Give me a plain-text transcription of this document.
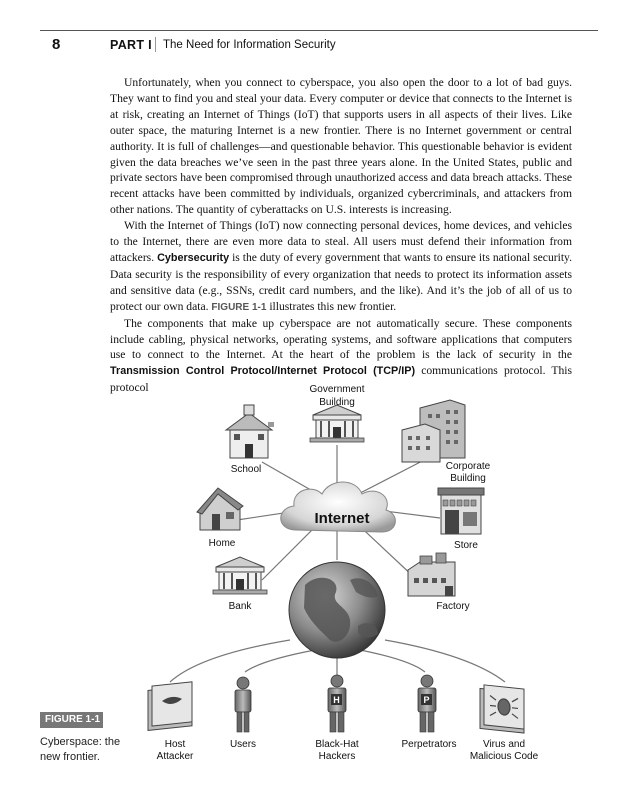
8	PART I The Need for Information Security

Unfortunately, when you connect to cyberspace, you also open the door to a lot of bad guys. They want to find you and steal your data. Every computer or device that connects to the Internet is at risk, creating an Internet of Things (IoT) that supports users in all aspects of their lives. Like outer space, the maturing Internet is a new frontier. There is no Internet government or central authority. It is full of challenges—and questionable behavior. This questionable behavior is evident given the data breaches we’ve seen in the past three years alone. In the United States, public and private sectors have been compromised through unauthorized access and data breach attacks. These recent attacks have been committed by individuals, organized cybercriminals, and attackers from other nations. The quantity of cyberattacks on U.S. interests is increasing.

With the Internet of Things (IoT) now connecting personal devices, home devices, and vehicles to the Internet, there are even more data to steal. All users must defend their information from attackers. Cybersecurity is the duty of every government that wants to ensure its national security. Data security is the responsibility of every organization that needs to protect its information assets and sensitive data (e.g., SSNs, credit card numbers, and the like). And it’s the job of all of us to protect our own data. FIGURE 1-1 illustrates this new frontier.

The components that make up cyberspace are not automatically secure. These components include cabling, physical networks, operating systems, and software applications that computers use to connect to the Internet. At the heart of the problem is the lack of security in the Transmission Control Protocol/Internet Protocol (TCP/IP) communications protocol. This protocol	Government
Building
School	Corporate
Building
Home	Store
Bank	Factory
Internet
Host
Attacker
Users
H
Black-Hat
Hackers
P
Perpetrators	Virus and
Malicious Code
FIGURE 1-1
Cyberspace: the new frontier.
